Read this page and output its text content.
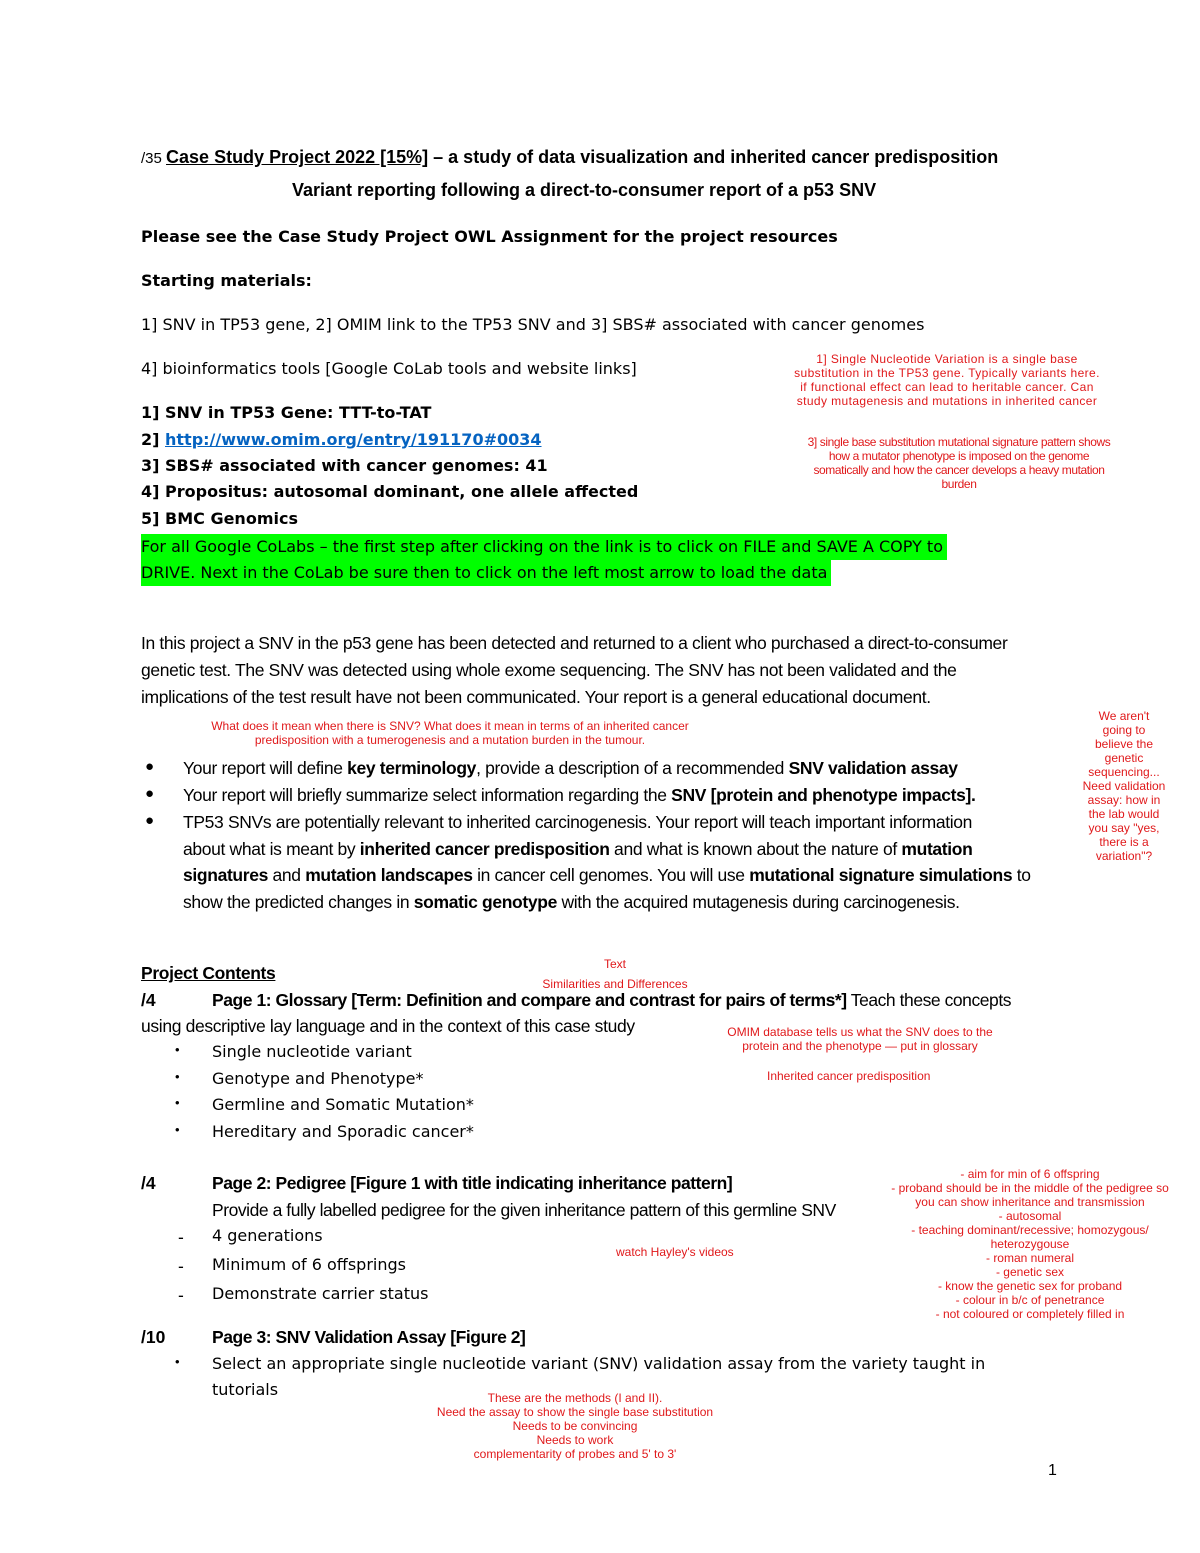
/35 Case Study Project 2022 [15%] – a study of data visualization and inherited cancer predisposition
Variant reporting following a direct-to-consumer report of a p53 SNV
Please see the Case Study Project OWL Assignment for the project resources
Starting materials:
1] SNV in TP53 gene, 2] OMIM link to the TP53 SNV and 3] SBS# associated with cancer genomes
4] bioinformatics tools [Google CoLab tools and website links]
1] SNV in TP53 Gene: TTT-to-TAT
2] http://www.omim.org/entry/191170#0034
3] SBS# associated with cancer genomes: 41
4] Propositus: autosomal dominant, one allele affected
5] BMC Genomics
For all Google CoLabs – the first step after clicking on the link is to click on FILE and SAVE A COPY to
DRIVE. Next in the CoLab be sure then to click on the left most arrow to load the data
In this project a SNV in the p53 gene has been detected and returned to a client who purchased a direct-to-consumer
genetic test. The SNV was detected using whole exome sequencing. The SNV has not been validated and the
implications of the test result have not been communicated. Your report is a general educational document.
● Your report will define key terminology, provide a description of a recommended SNV validation assay
● Your report will briefly summarize select information regarding the SNV [protein and phenotype impacts].
● TP53 SNVs are potentially relevant to inherited carcinogenesis. Your report will teach important information
about what is meant by inherited cancer predisposition and what is known about the nature of mutation
signatures and mutation landscapes in cancer cell genomes. You will use mutational signature simulations to
show the predicted changes in somatic genotype with the acquired mutagenesis during carcinogenesis.
Project Contents
/4	Page 1: Glossary [Term: Definition and compare and contrast for pairs of terms*] Teach these concepts
using descriptive lay language and in the context of this case study
• Single nucleotide variant
• Genotype and Phenotype*
• Germline and Somatic Mutation*
• Hereditary and Sporadic cancer*
/4	Page 2: Pedigree [Figure 1 with title indicating inheritance pattern]
Provide a fully labelled pedigree for the given inheritance pattern of this germline SNV
- 4 generations
- Minimum of 6 offsprings
- Demonstrate carrier status
/10	Page 3: SNV Validation Assay [Figure 2]
• Select an appropriate single nucleotide variant (SNV) validation assay from the variety taught in
tutorials
1] Single Nucleotide Variation is a single base
substitution in the TP53 gene. Typically variants here.
if functional effect can lead to heritable cancer. Can
study mutagenesis and mutations in inherited cancer
3] single base substitution mutational signature pattern shows
how a mutator phenotype is imposed on the genome
somatically and how the cancer develops a heavy mutation
burden
What does it mean when there is SNV? What does it mean in terms of an inherited cancer
predisposition with a tumerogenesis and a mutation burden in the tumour.
We aren't
going to
believe the
genetic
sequencing...
Need validation
assay: how in
the lab would
you say "yes,
there is a
variation"?
Text
Similarities and Differences
OMIM database tells us what the SNV does to the
protein and the phenotype — put in glossary
Inherited cancer predisposition
- aim for min of 6 offspring
- proband should be in the middle of the pedigree so
you can show inheritance and transmission
- autosomal
- teaching dominant/recessive; homozygous/
heterozygouse
- roman numeral
- genetic sex
- know the genetic sex for proband
- colour in b/c of penetrance
- not coloured or completely filled in
watch Hayley's videos
These are the methods (I and II).
Need the assay to show the single base substitution
Needs to be convincing
Needs to work
complementarity of probes and 5' to 3'
1
